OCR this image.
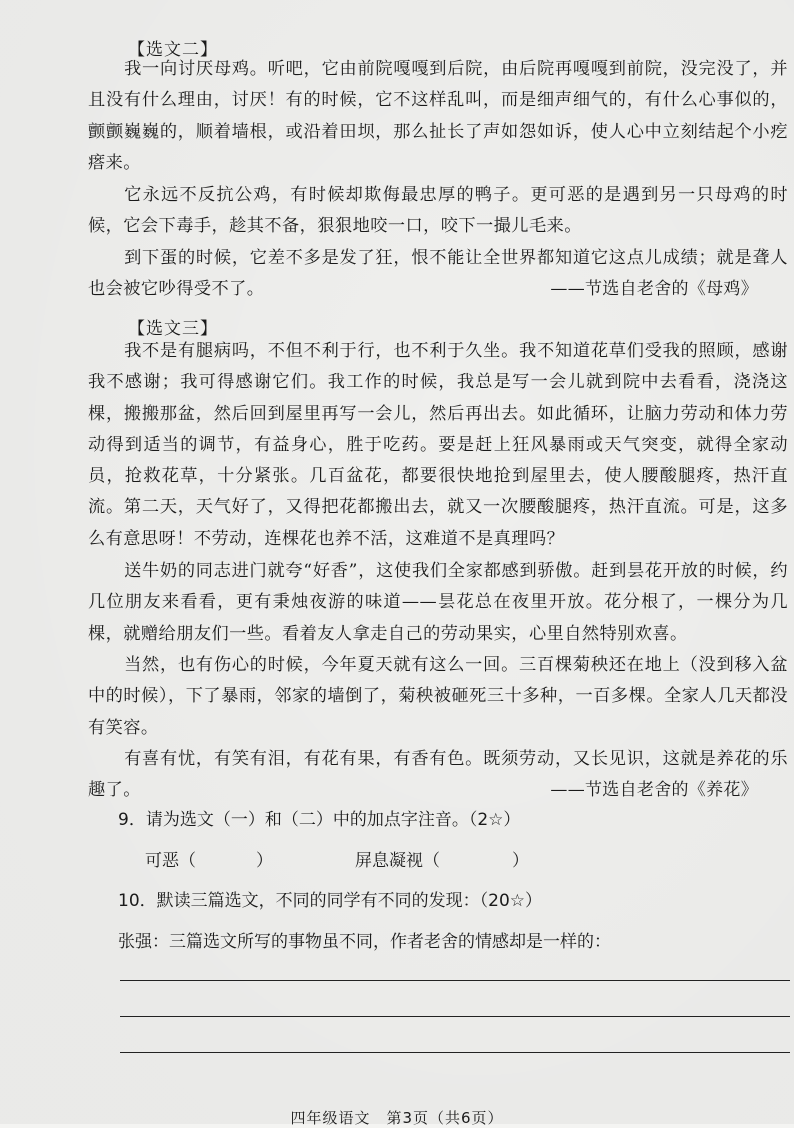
【选文二】
我一向讨厌母鸡。听吧，它由前院嘎嘎到后院，由后院再嘎嘎到前院，没完没了，并且没有什么理由，讨厌！有的时候，它不这样乱叫，而是细声细气的，有什么心事似的，颤颤巍巍的，顺着墙根，或沿着田坝，那么扯长了声如怨如诉，使人心中立刻结起个小疙瘩来。
它永远不反抗公鸡，有时候却欺侮最忠厚的鸭子。更可恶的是遇到另一只母鸡的时候，它会下毒手，趁其不备，狠狠地咬一口，咬下一撮儿毛来。
到下蛋的时候，它差不多是发了狂，恨不能让全世界都知道它这点儿成绩；就是聋人也会被它吵得受不了。	——节选自老舍的《母鸡》
【选文三】
我不是有腿病吗，不但不利于行，也不利于久坐。我不知道花草们受我的照顾，感谢我不感谢；我可得感谢它们。我工作的时候，我总是写一会儿就到院中去看看，浇浇这棵，搬搬那盆，然后回到屋里再写一会儿，然后再出去。如此循环，让脑力劳动和体力劳动得到适当的调节，有益身心，胜于吃药。要是赶上狂风暴雨或天气突变，就得全家动员，抢救花草，十分紧张。几百盆花，都要很快地抢到屋里去，使人腰酸腿疼，热汗直流。第二天，天气好了，又得把花都搬出去，就又一次腰酸腿疼，热汗直流。可是，这多么有意思呀！不劳动，连棵花也养不活，这难道不是真理吗？
送牛奶的同志进门就夸“好香”，这使我们全家都感到骄傲。赶到昙花开放的时候，约几位朋友来看看，更有秉烛夜游的味道——昙花总在夜里开放。花分根了，一棵分为几棵，就赠给朋友们一些。看着友人拿走自己的劳动果实，心里自然特别欢喜。
当然，也有伤心的时候，今年夏天就有这么一回。三百棵菊秧还在地上（没到移入盆中的时候），下了暴雨，邻家的墙倒了，菊秧被砸死三十多种，一百多棵。全家人几天都没有笑容。
有喜有忧，有笑有泪，有花有果，有香有色。既须劳动，又长见识，这就是养花的乐趣了。	——节选自老舍的《养花》
9．请为选文（一）和（二）中的加点字注音。（2☆）
可恶（	）	屏息凝视（	）
10．默读三篇选文，不同的同学有不同的发现：（20☆）
张强：三篇选文所写的事物虽不同，作者老舍的情感却是一样的：
四年级语文　第3页（共6页）
